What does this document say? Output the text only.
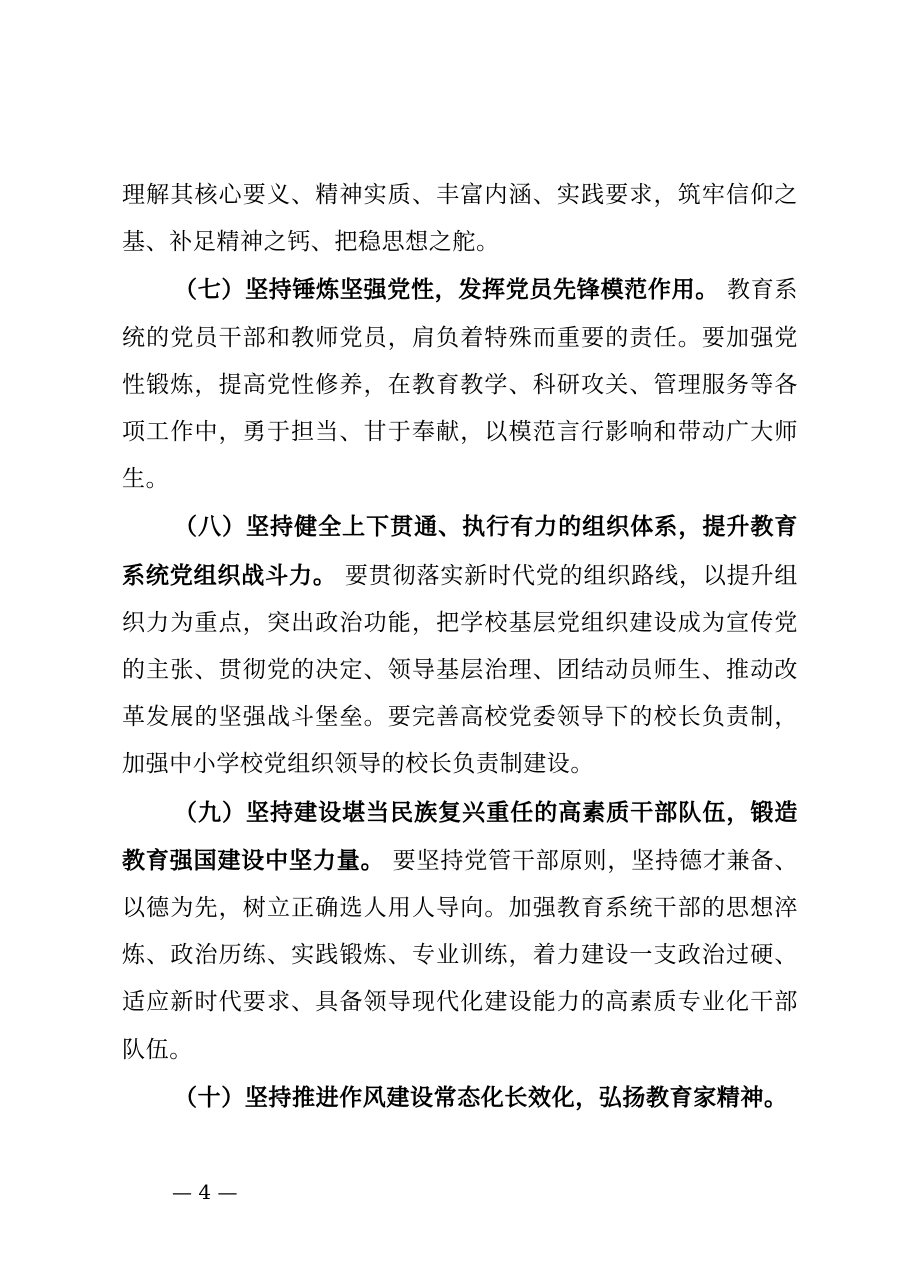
理解其核心要义、精神实质、丰富内涵、实践要求，筑牢信仰之基、补足精神之钙、把稳思想之舵。

（七）坚持锤炼坚强党性，发挥党员先锋模范作用。 教育系统的党员干部和教师党员，肩负着特殊而重要的责任。要加强党性锻炼，提高党性修养，在教育教学、科研攻关、管理服务等各项工作中，勇于担当、甘于奉献，以模范言行影响和带动广大师生。

（八）坚持健全上下贯通、执行有力的组织体系，提升教育系统党组织战斗力。 要贯彻落实新时代党的组织路线，以提升组织力为重点，突出政治功能，把学校基层党组织建设成为宣传党的主张、贯彻党的决定、领导基层治理、团结动员师生、推动改革发展的坚强战斗堡垒。要完善高校党委领导下的校长负责制，加强中小学校党组织领导的校长负责制建设。

（九）坚持建设堪当民族复兴重任的高素质干部队伍，锻造教育强国建设中坚力量。 要坚持党管干部原则，坚持德才兼备、以德为先，树立正确选人用人导向。加强教育系统干部的思想淬炼、政治历练、实践锻炼、专业训练，着力建设一支政治过硬、适应新时代要求、具备领导现代化建设能力的高素质专业化干部队伍。

（十）坚持推进作风建设常态化长效化，弘扬教育家精神。

— 4 —
